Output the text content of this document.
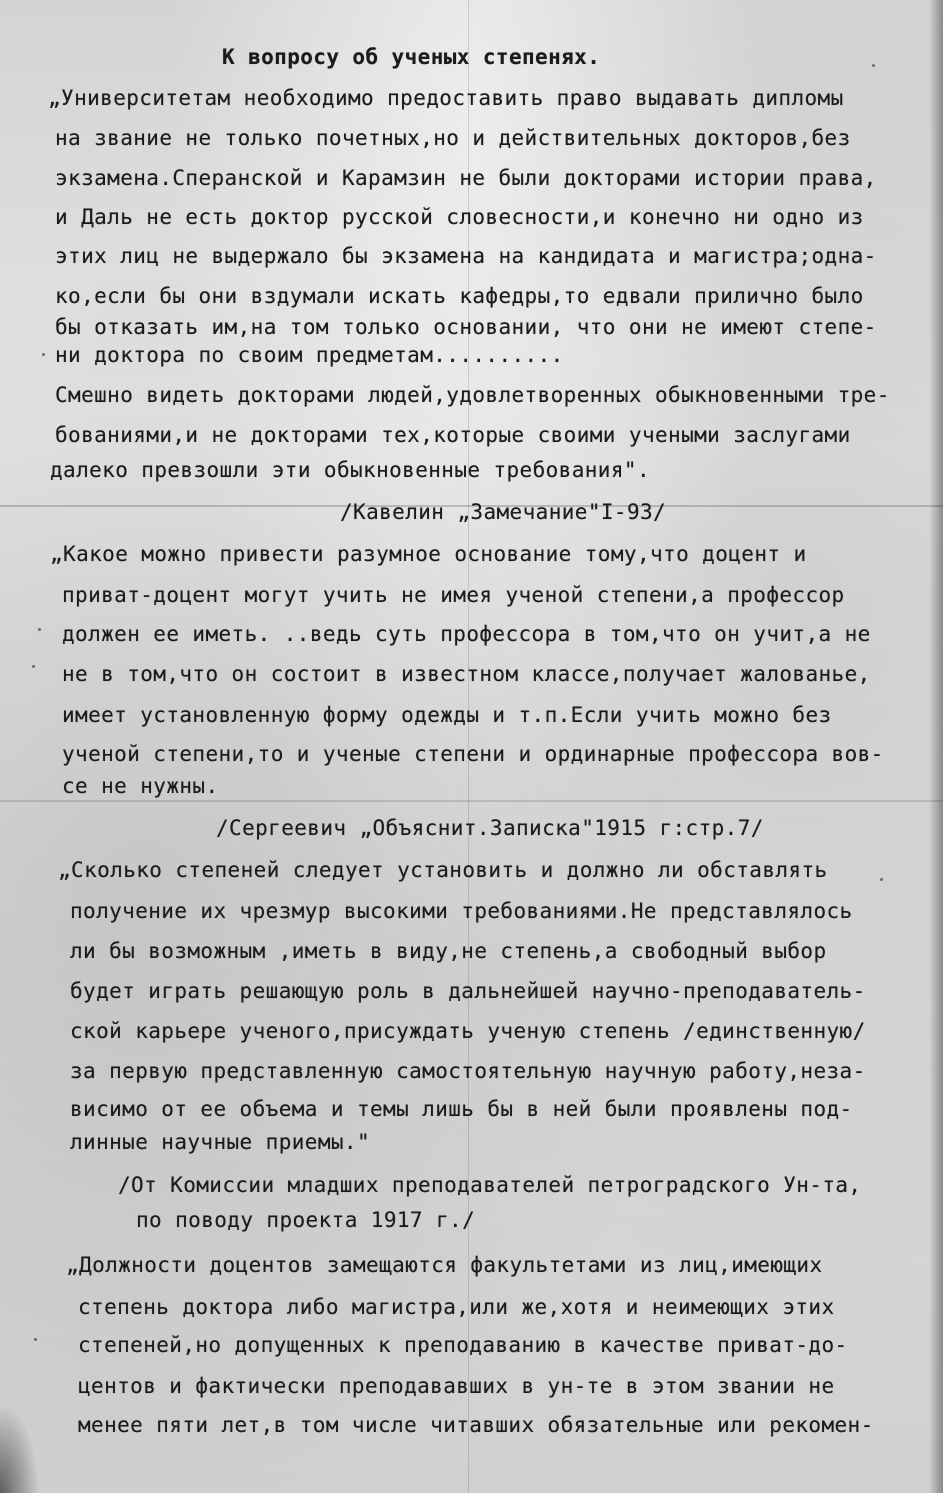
К вопросу об ученых степенях.
„Университетам необходимо предоставить право выдавать дипломы
на звание не только почетных,но и действительных докторов,без
экзамена.Сперанской и Карамзин не были докторами истории права,
и Даль не есть доктор русской словесности,и конечно ни одно из
этих лиц не выдержало бы экзамена на кандидата и магистра;одна-
ко,если бы они вздумали искать кафедры,то едвали прилично было
бы отказать им,на том только основании, что они не имеют степе-
ни доктора по своим предметам..........
Смешно видеть докторами людей,удовлетворенных обыкновенными тре-
бованиями,и не докторами тех,которые своими учеными заслугами
далеко превзошли эти обыкновенные требования".
/Кавелин „Замечание"I-93/
„Какое можно привести разумное основание тому,что доцент и
приват-доцент могут учить не имея ученой степени,а профессор
должен ее иметь. ..ведь суть профессора в том,что он учит,а не
не в том,что он состоит в известном классе,получает жалованье,
имеет установленную форму одежды и т.п.Если учить можно без
ученой степени,то и ученые степени и ординарные профессора вов-
се не нужны.
/Сергеевич „Объяснит.Записка"1915 г:стр.7/
„Сколько степеней следует установить и должно ли обставлять
получение их чрезмур высокими требованиями.Не представлялось
ли бы возможным ,иметь в виду,не степень,а свободный выбор
будет играть решающую роль в дальнейшей научно-преподаватель-
ской карьере ученого,присуждать ученую степень /единственную/
за первую представленную самостоятельную научную работу,неза-
висимо от ее объема и темы лишь бы в ней были проявлены под-
линные научные приемы."
/От Комиссии младших преподавателей петроградского Ун-та,
по поводу проекта 1917 г./
„Должности доцентов замещаются факультетами из лиц,имеющих
степень доктора либо магистра,или же,хотя и неимеющих этих
степеней,но допущенных к преподаванию в качестве приват-до-
центов и фактически преподававших в ун-те в этом звании не
менее пяти лет,в том числе читавших обязательные или рекомен-
